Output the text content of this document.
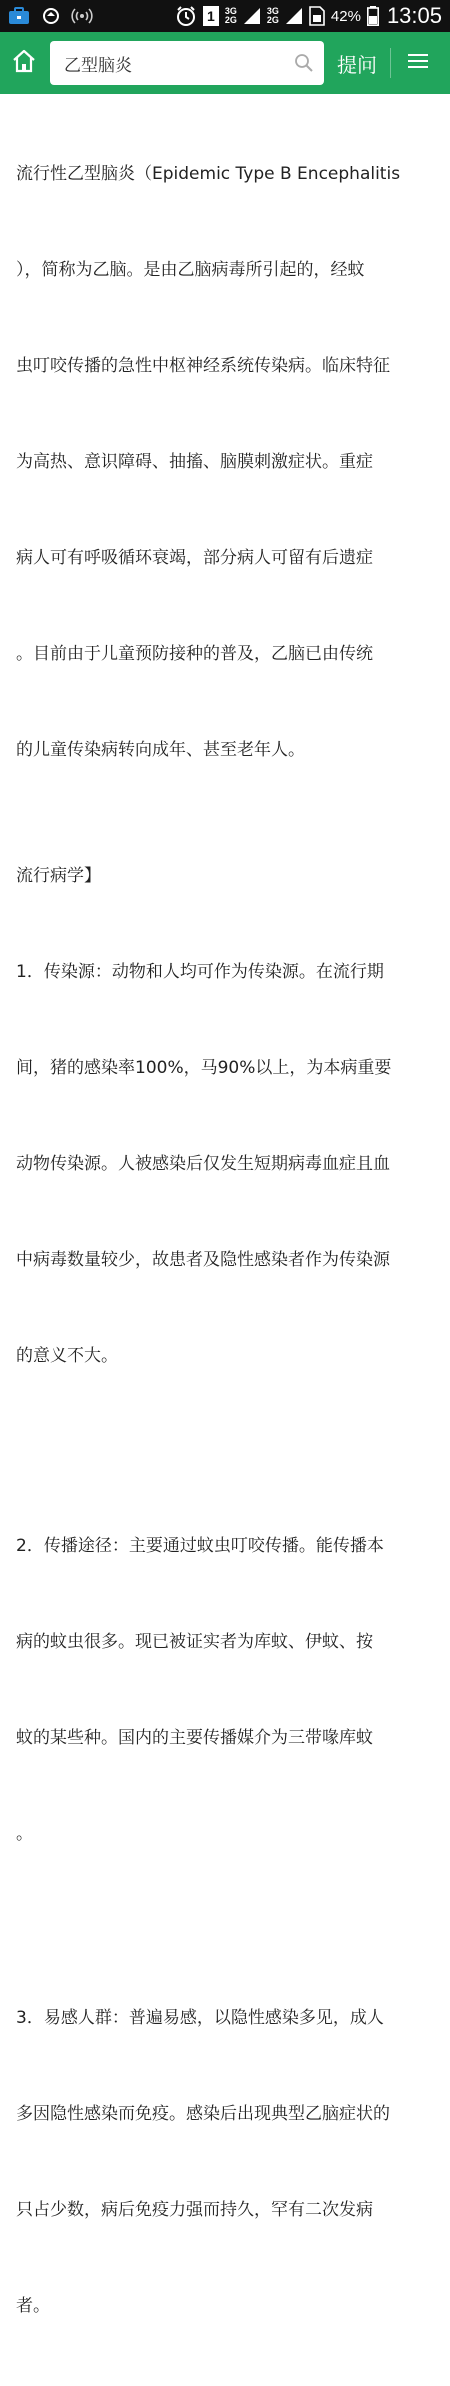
1 3G
2G
3G
2G	42% 13:05
乙型脑炎
提问

流行性乙型脑炎（Epidemic Type B Encephalitis

），简称为乙脑。是由乙脑病毒所引起的，经蚊

虫叮咬传播的急性中枢神经系统传染病。临床特征

为高热、意识障碍、抽搐、脑膜刺激症状。重症

病人可有呼吸循环衰竭，部分病人可留有后遗症

。目前由于儿童预防接种的普及，乙脑已由传统

的儿童传染病转向成年、甚至老年人。

流行病学】

1．传染源：动物和人均可作为传染源。在流行期

间，猪的感染率100%，马90%以上，为本病重要

动物传染源。人被感染后仅发生短期病毒血症且血

中病毒数量较少，故患者及隐性感染者作为传染源

的意义不大。

2．传播途径：主要通过蚊虫叮咬传播。能传播本

病的蚊虫很多。现已被证实者为库蚊、伊蚊、按

蚊的某些种。国内的主要传播媒介为三带喙库蚊

。

3．易感人群：普遍易感，以隐性感染多见，成人

多因隐性感染而免疫。感染后出现典型乙脑症状的

只占少数，病后免疫力强而持久，罕有二次发病

者。
